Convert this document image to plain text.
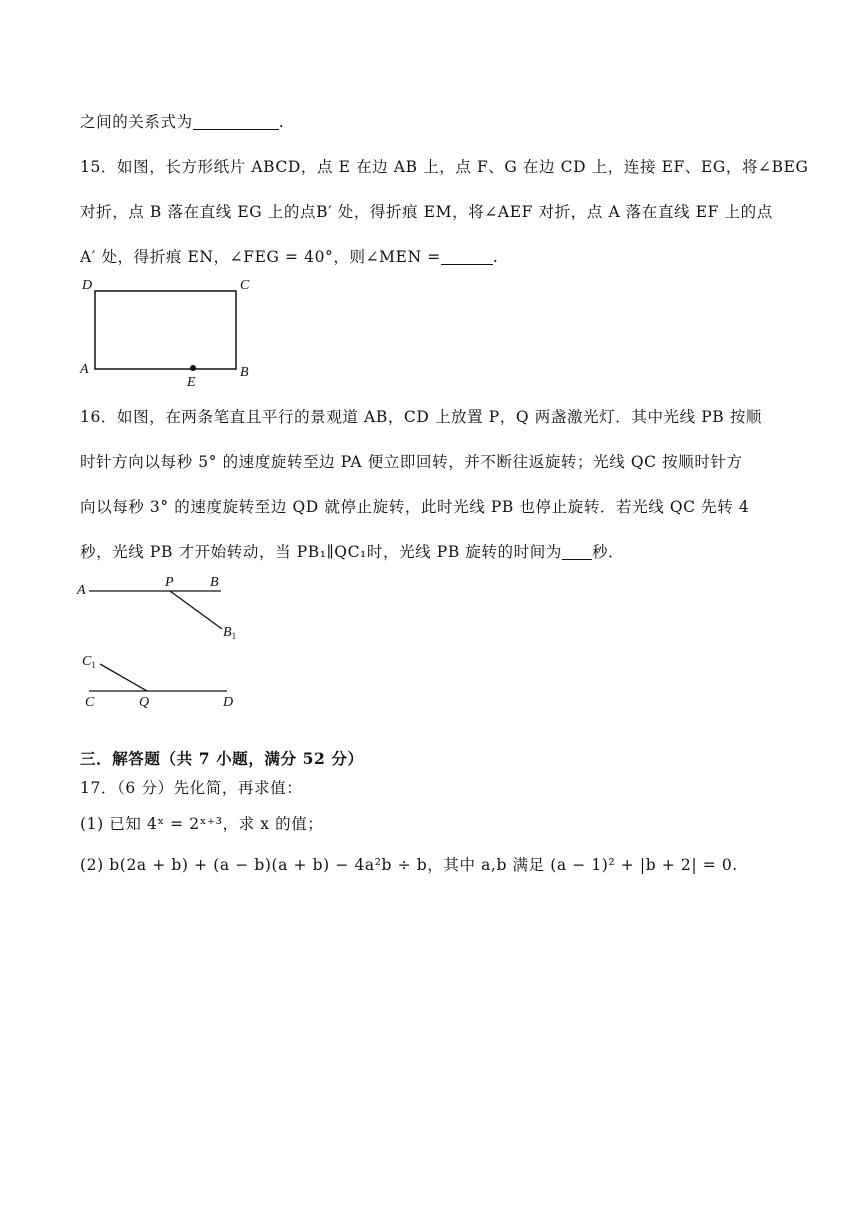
之间的关系式为	.
15．如图，长方形纸片 ABCD，点 E 在边 AB 上，点 F、G 在边 CD 上，连接 EF、EG，将∠BEG
对折，点 B 落在直线 EG 上的点B′ 处，得折痕 EM，将∠AEF 对折，点 A 落在直线 EF 上的点
A′ 处，得折痕 EN，∠FEG = 40°，则∠MEN =	.
D	C
A	B
E
16．如图，在两条笔直且平行的景观道 AB，CD 上放置 P，Q 两盏激光灯．其中光线 PB 按顺
时针方向以每秒 5° 的速度旋转至边 PA 便立即回转，并不断往返旋转；光线 QC 按顺时针方
向以每秒 3° 的速度旋转至边 QD 就停止旋转，此时光线 PB 也停止旋转．若光线 QC 先转 4
秒，光线 PB 才开始转动，当 PB₁∥QC₁时，光线 PB 旋转的时间为 秒．
A
P	B
$B_1$
$C_1$
C	Q	D
三．解答题（共 7 小题，满分 52 分）
17．（6 分）先化简，再求值：
(1) 已知 4ˣ = 2ˣ⁺³，求 x 的值；
(2) b(2a + b) + (a − b)(a + b) − 4a²b ÷ b，其中 a,b 满足 (a − 1)² + |b + 2| = 0.
